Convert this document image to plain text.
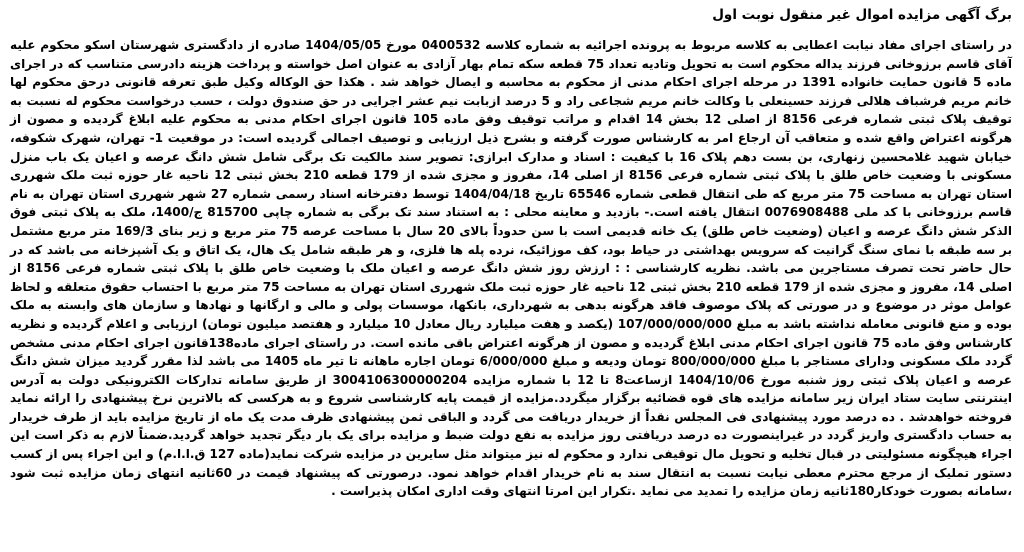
برگ آگهی مزایده اموال غیر منقول نوبت اول

در راستای اجرای مفاد نیابت اعطایی به کلاسه مربوط به پرونده اجرائیه به شماره کلاسه 0400532 مورخ 1404/05/05 صادره از دادگستری شهرستان اسکو محکوم علیه آقای قاسم برزوخانی فرزند یداله محکوم است به تحویل وتادیه تعداد 75 قطعه سکه تمام بهار آزادی به عنوان اصل خواسته و پرداخت هزینه دادرسی متناسب که در اجرای ماده 5 قانون حمایت خانواده 1391 در مرحله اجرای احکام مدنی از محکوم به محاسبه و ایصال خواهد شد . هکذا حق الوکاله وکیل طبق تعرفه قانونی درحق محکوم لها خانم مریم فرشباف هلالی فرزند حسینعلی با وکالت خانم مریم شجاعی راد و 5 درصد ازبابت نیم عشر اجرایی در حق صندوق دولت ، حسب درخواست محکوم له نسبت به توقیف پلاک ثبتی شماره فرعی 8156 از اصلی 12 بخش 14 اقدام و مراتب توقیف وفق ماده 105 قانون اجرای احکام مدنی به محکوم علیه ابلاغ گردیده و مصون از هرگونه اعتراض واقع شده و متعاقب آن ارجاع امر به کارشناس صورت گرفته و بشرح ذیل ارزیابی و توصیف اجمالی گردیده است: در موقعیت 1- تهران، شهرک شکوفه، خیابان شهید غلامحسین زنهاری، بن بست دهم پلاک 16 با کیفیت : اسناد و مدارک ابرازی: تصویر سند مالکیت تک برگی شامل شش دانگ عرصه و اعیان یک باب منزل مسکونی با وضعیت خاص طلق با پلاک ثبتی شماره فرعی 8156 از اصلی 14، مفروز و مجزی شده از 179 قطعه 210 بخش ثبتی 12 ناحیه غار حوزه ثبت ملک شهرری استان تهران به مساحت 75 متر مربع که طی انتقال قطعی شماره 65546 تاریخ 1404/04/18 توسط دفترخانه اسناد رسمی شماره 27 شهر شهرری استان تهران به نام قاسم برزوخانی با کد ملی 0076908488 انتقال یافته است.- بازدید و معاینه محلی : به استناد سند تک برگی به شماره چاپی 815700 ج/1400، ملک به پلاک ثبتی فوق الذکر شش دانگ عرصه و اعیان (وضعیت خاص طلق) یک خانه قدیمی است با سن حدوداً بالای 20 سال با مساحت عرصه 75 متر مربع و زیر بنای 169/3 متر مربع مشتمل بر سه طبقه با نمای سنگ گرانیت که سرویس بهداشتی در حیاط بود، کف موزائیک، نرده پله ها فلزی، و هر طبقه شامل یک هال، یک اتاق و یک آشپزخانه می باشد که در حال حاضر تحت تصرف مستاجرین می باشد. نظریه کارشناسی : : ارزش روز شش دانگ عرصه و اعیان ملک با وضعیت خاص طلق با پلاک ثبتی شماره فرعی 8156 از اصلی 14، مفروز و مجزی شده از 179 قطعه 210 بخش ثبتی 12 ناحیه غار حوزه ثبت ملک شهرری استان تهران به مساحت 75 متر مربع با احتساب حقوق متعلقه و لحاظ عوامل موثر در موضوع و در صورتی که پلاک موصوف فاقد هرگونه بدهی به شهرداری، بانکها، موسسات پولی و مالی و ارگانها و نهادها و سازمان های وابسته به ملک بوده و منع قانونی معامله نداشته باشد به مبلغ 107/000/000/000 (یکصد و هفت میلیارد ریال معادل 10 میلیارد و هفتصد میلیون تومان) ارزیابی و اعلام گردیده و نظریه کارشناس وفق ماده 75 قانون اجرای احکام مدنی ابلاغ گردیده و مصون از هرگونه اعتراض باقی مانده است. در راستای اجرای ماده138قانون اجرای احکام مدنی مشخص گردد ملک مسکونی ودارای مستاجر با مبلغ 800/000/000 تومان ودیعه و مبلغ 6/000/000 تومان اجاره ماهانه تا تیر ماه 1405 می باشد لذا مقرر گردید میزان شش دانگ عرصه و اعیان پلاک ثبتی روز شنبه مورخ 1404/10/06 ازساعت8 تا 12 با شماره مزایده 3004106300000204 از طریق سامانه تدارکات الکترونیکی دولت به آدرس اینترنتی سایت ستاد ایران زیر سامانه مزایده های قوه قضائیه برگزار میگردد.مزایده از قیمت پایه کارشناسی شروع و به هرکسی که بالاترین نرخ پیشنهادی را ارائه نماید فروخته خواهدشد . ده درصد مورد پیشنهادی فی المجلس نقداً از خریدار دریافت می گردد و الباقی ثمن پیشنهادی ظرف مدت یک ماه از تاریخ مزایده باید از طرف خریدار به حساب دادگستری واریز گردد در غیراینصورت ده درصد دریافتی روز مزایده به نفع دولت ضبط و مزایده برای یک بار دیگر تجدید خواهد گردید.ضمناً لازم به ذکر است این اجراء هیچگونه مسئولیتی در قبال تخلیه و تحویل مال توقیفی ندارد و محکوم له نیز میتواند مثل سایرین در مزایده شرکت نماید(ماده 127 ق.ا.ا.م) و این اجراء پس از کسب دستور تملیک از مرجع محترم معطی نیابت نسبت به انتقال سند به نام خریدار اقدام خواهد نمود. درصورتی که پیشنهاد قیمت در 60ثانیه انتهای زمان مزایده ثبت شود ،سامانه بصورت خودکار180ثانیه زمان مزایده را تمدید می نماید .تکرار این امرتا انتهای وقت اداری امکان پذیراست .
